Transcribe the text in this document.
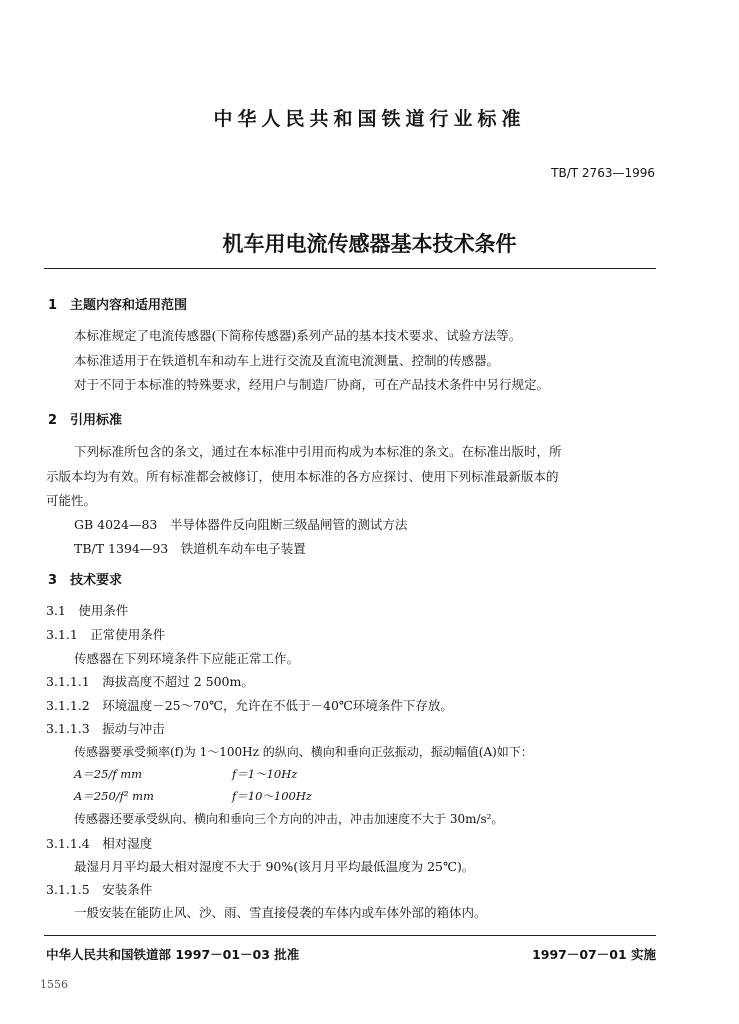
中华人民共和国铁道行业标准
TB/T 2763—1996
机车用电流传感器基本技术条件
1　主题内容和适用范围
本标准规定了电流传感器(下简称传感器)系列产品的基本技术要求、试验方法等。
本标准适用于在铁道机车和动车上进行交流及直流电流测量、控制的传感器。
对于不同于本标准的特殊要求，经用户与制造厂协商，可在产品技术条件中另行规定。
2　引用标准
下列标准所包含的条文，通过在本标准中引用而构成为本标准的条文。在标准出版时，所
示版本均为有效。所有标准都会被修订，使用本标准的各方应探讨、使用下列标准最新版本的
可能性。
GB 4024—83　半导体器件反向阻断三级晶闸管的测试方法
TB/T 1394—93　铁道机车动车电子装置
3　技术要求
3.1　使用条件
3.1.1　正常使用条件
传感器在下列环境条件下应能正常工作。
3.1.1.1　海拔高度不超过 2 500m。
3.1.1.2　环境温度－25～70℃，允许在不低于－40℃环境条件下存放。
3.1.1.3　振动与冲击
传感器要承受频率(f)为 1～100Hz 的纵向、横向和垂向正弦振动，振动幅值(A)如下：
A＝25/f mm	f＝1～10Hz
A＝250/f² mm	f＝10～100Hz
传感器还要承受纵向、横向和垂向三个方向的冲击，冲击加速度不大于 30m/s²。
3.1.1.4　相对湿度
最湿月月平均最大相对湿度不大于 90%(该月月平均最低温度为 25℃)。
3.1.1.5　安装条件
一般安装在能防止风、沙、雨、雪直接侵袭的车体内或车体外部的箱体内。
中华人民共和国铁道部 1997－01－03 批准	1997－07－01 实施
1556
